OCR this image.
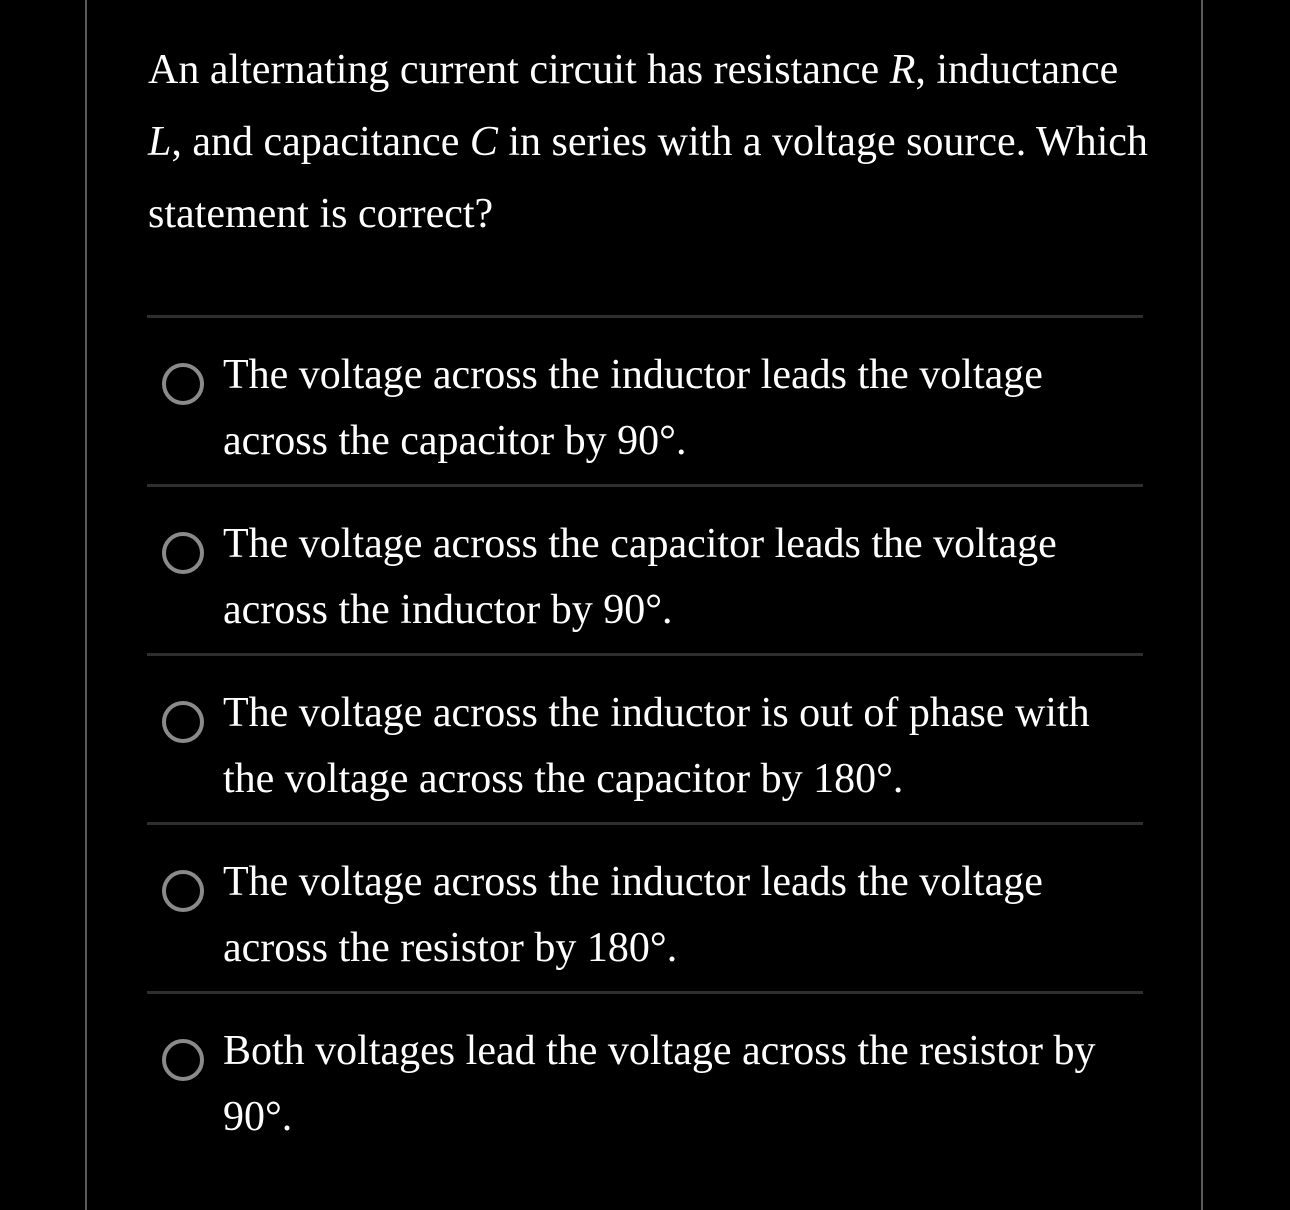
An alternating current circuit has resistance R, inductance L, and capacitance C in series with a voltage source. Which statement is correct?

The voltage across the inductor leads the voltage across the capacitor by 90°.
The voltage across the capacitor leads the voltage across the inductor by 90°.
The voltage across the inductor is out of phase with the voltage across the capacitor by 180°.
The voltage across the inductor leads the voltage across the resistor by 180°.
Both voltages lead the voltage across the resistor by 90°.
